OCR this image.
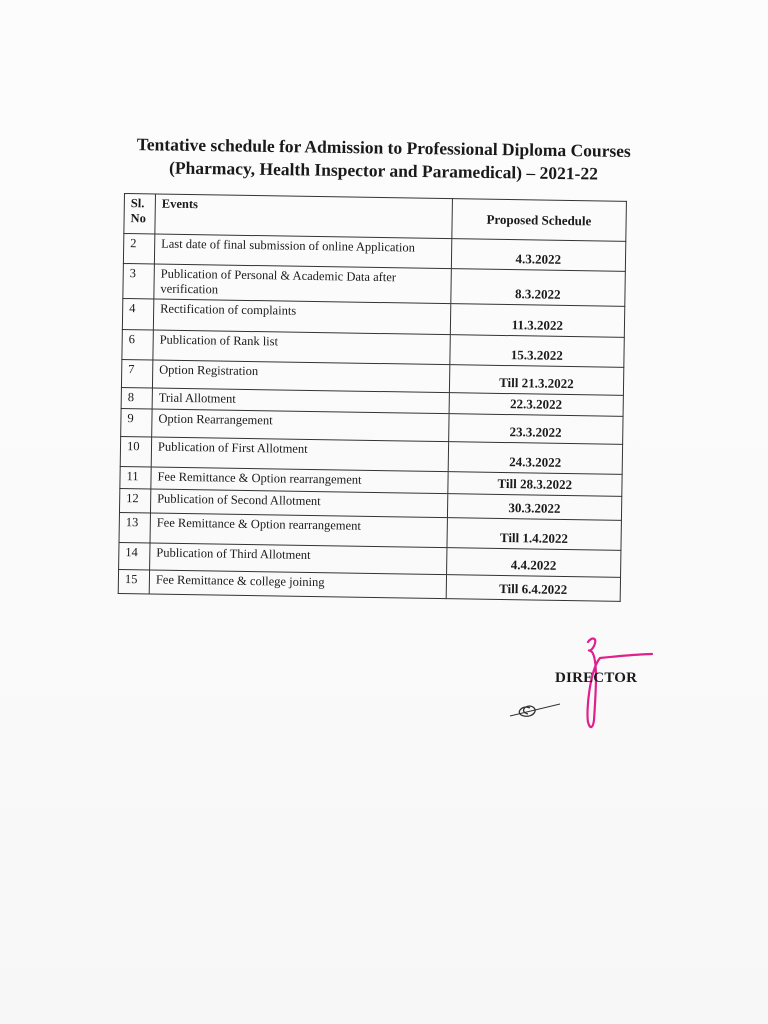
Tentative schedule for Admission to Professional Diploma Courses
(Pharmacy, Health Inspector and Paramedical) – 2021-22
Sl. No	Events	Proposed Schedule
2	Last date of final submission of online Application	4.3.2022
3	Publication of Personal & Academic Data after verification	8.3.2022
4	Rectification of complaints	11.3.2022
6	Publication of Rank list	15.3.2022
7	Option Registration	Till 21.3.2022
8	Trial Allotment	22.3.2022
9	Option Rearrangement	23.3.2022
10	Publication of First Allotment	24.3.2022
11	Fee Remittance & Option rearrangement	Till 28.3.2022
12	Publication of Second Allotment	30.3.2022
13	Fee Remittance & Option rearrangement	Till 1.4.2022
14	Publication of Third Allotment	4.4.2022
15	Fee Remittance & college joining	Till 6.4.2022
DIRECTOR
